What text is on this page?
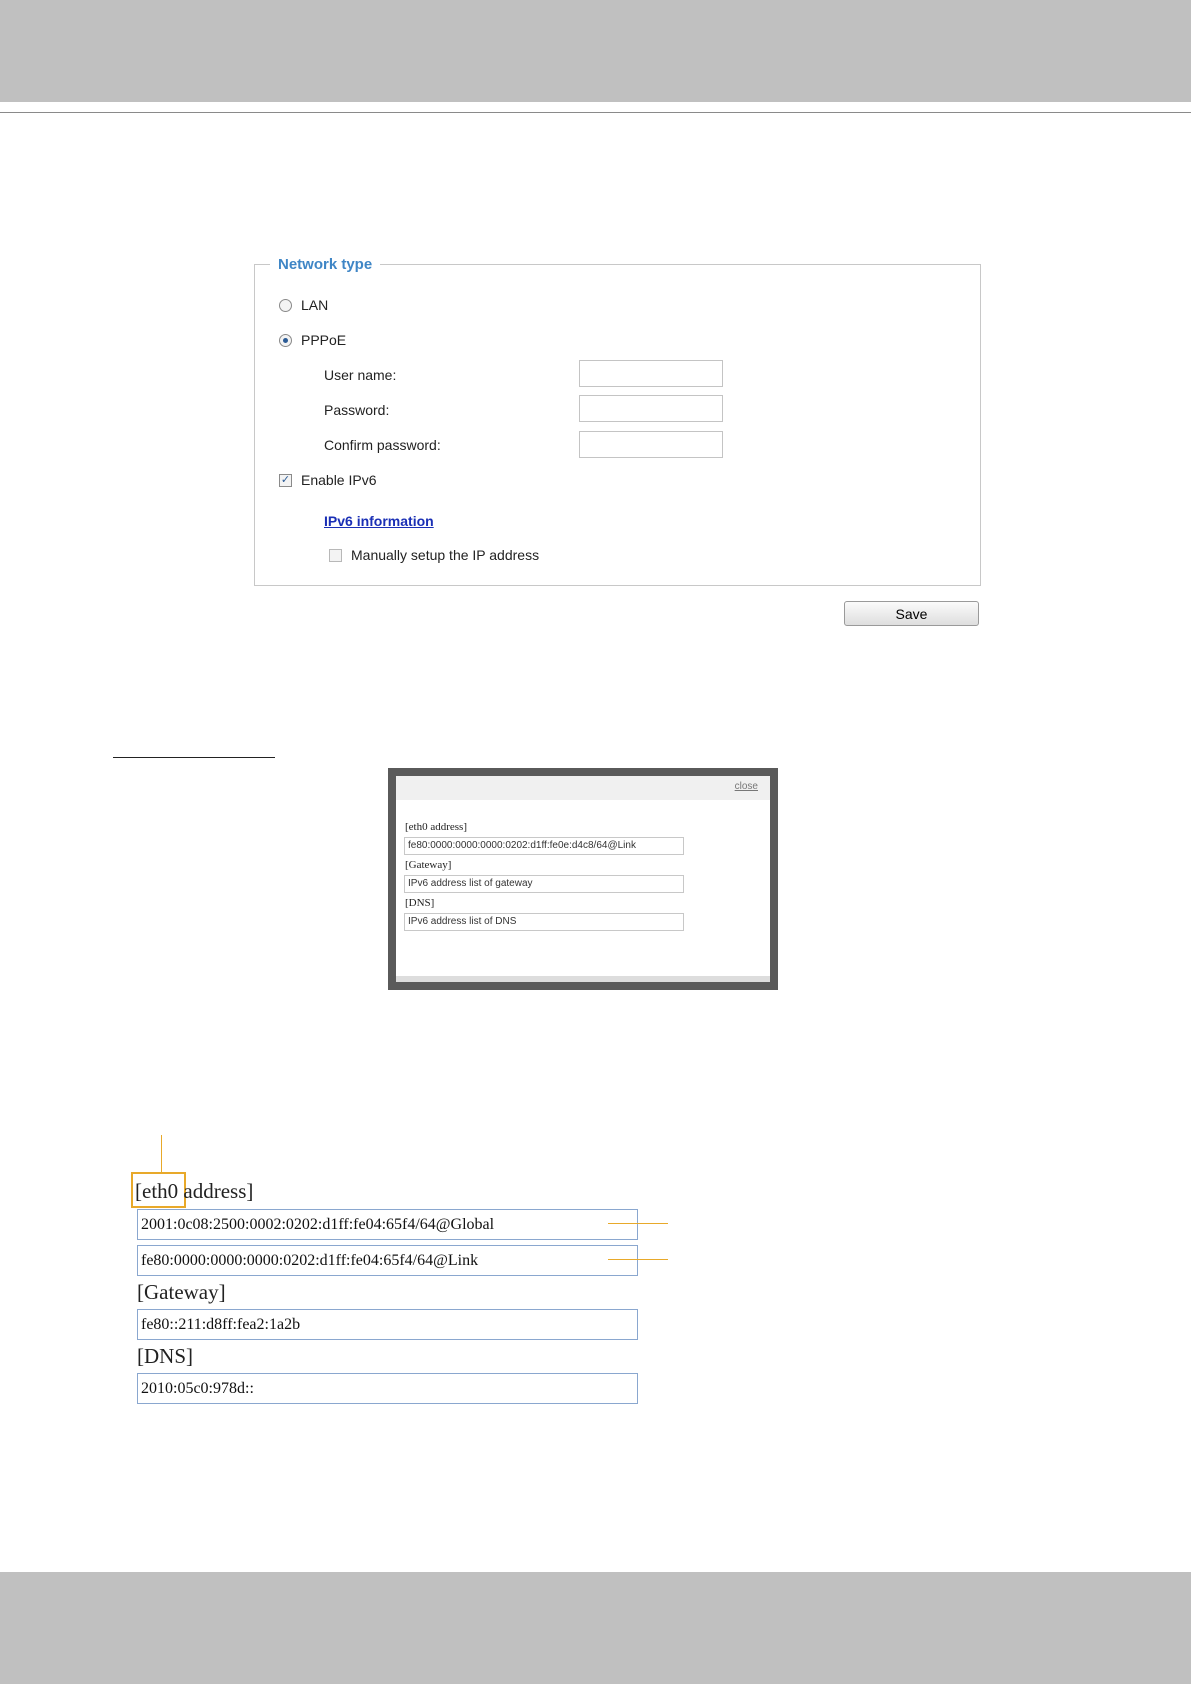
Network type
LAN
PPPoE
User name:
Password:
Confirm password:
✓ Enable IPv6
IPv6 information
Manually setup the IP address
Save
close
[eth0 address]
fe80:0000:0000:0000:0202:d1ff:fe0e:d4c8/64@Link
[Gateway]
IPv6 address list of gateway
[DNS]
IPv6 address list of DNS
[eth0 address]
2001:0c08:2500:0002:0202:d1ff:fe04:65f4/64@Global
fe80:0000:0000:0000:0202:d1ff:fe04:65f4/64@Link
[Gateway]
fe80::211:d8ff:fea2:1a2b
[DNS]
2010:05c0:978d::
